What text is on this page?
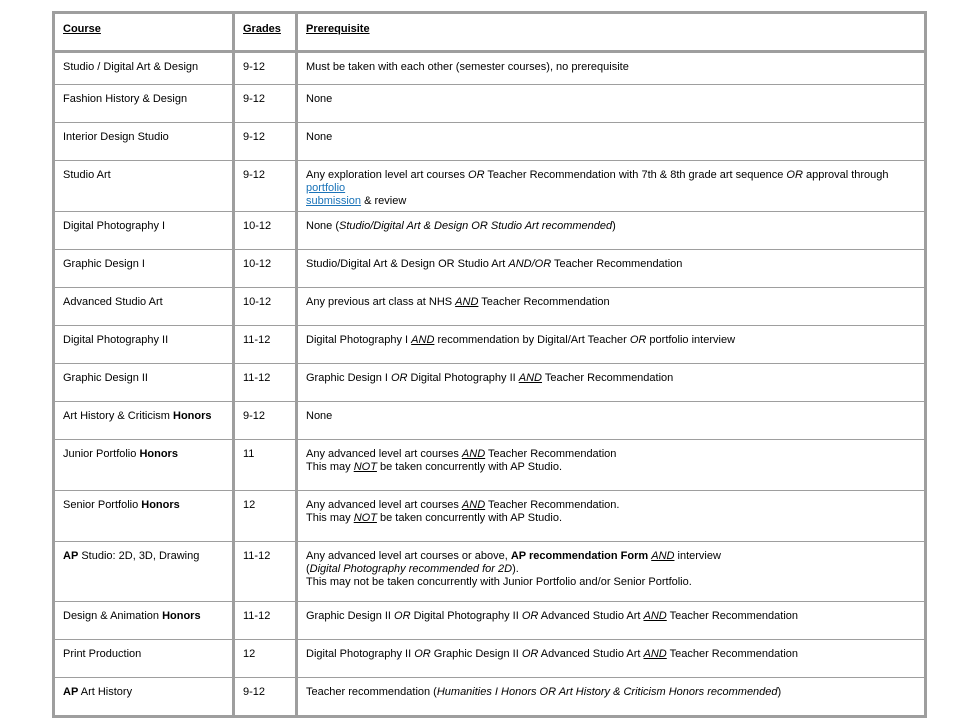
Course	Grades	Prerequisite
Studio / Digital Art & Design	9-12	Must be taken with each other (semester courses), no prerequisite
Fashion History & Design	9-12	None
Interior Design Studio	9-12	None
Studio Art	9-12	Any exploration level art courses OR Teacher Recommendation with 7th & 8th grade art sequence OR approval through portfolio
submission & review
Digital Photography I	10-12	None (Studio/Digital Art & Design OR Studio Art recommended)
Graphic Design I	10-12	Studio/Digital Art & Design OR Studio Art AND/OR Teacher Recommendation
Advanced Studio Art	10-12	Any previous art class at NHS AND Teacher Recommendation
Digital Photography II	11-12	Digital Photography I AND recommendation by Digital/Art Teacher OR portfolio interview
Graphic Design II	11-12	Graphic Design I OR Digital Photography II AND Teacher Recommendation
Art History & Criticism Honors	9-12	None
Junior Portfolio Honors	11	Any advanced level art courses AND Teacher Recommendation
This may NOT be taken concurrently with AP Studio.

Senior Portfolio Honors	12	Any advanced level art courses AND Teacher Recommendation.
This may NOT be taken concurrently with AP Studio.

AP Studio: 2D, 3D, Drawing	11-12	Any advanced level art courses or above, AP recommendation Form AND interview
(Digital Photography recommended for 2D).
This may not be taken concurrently with Junior Portfolio and/or Senior Portfolio.

Design & Animation Honors	11-12	Graphic Design II OR Digital Photography II OR Advanced Studio Art AND Teacher Recommendation
Print Production	12	Digital Photography II OR Graphic Design II OR Advanced Studio Art AND Teacher Recommendation
AP Art History	9-12	Teacher recommendation (Humanities I Honors OR Art History & Criticism Honors recommended)
